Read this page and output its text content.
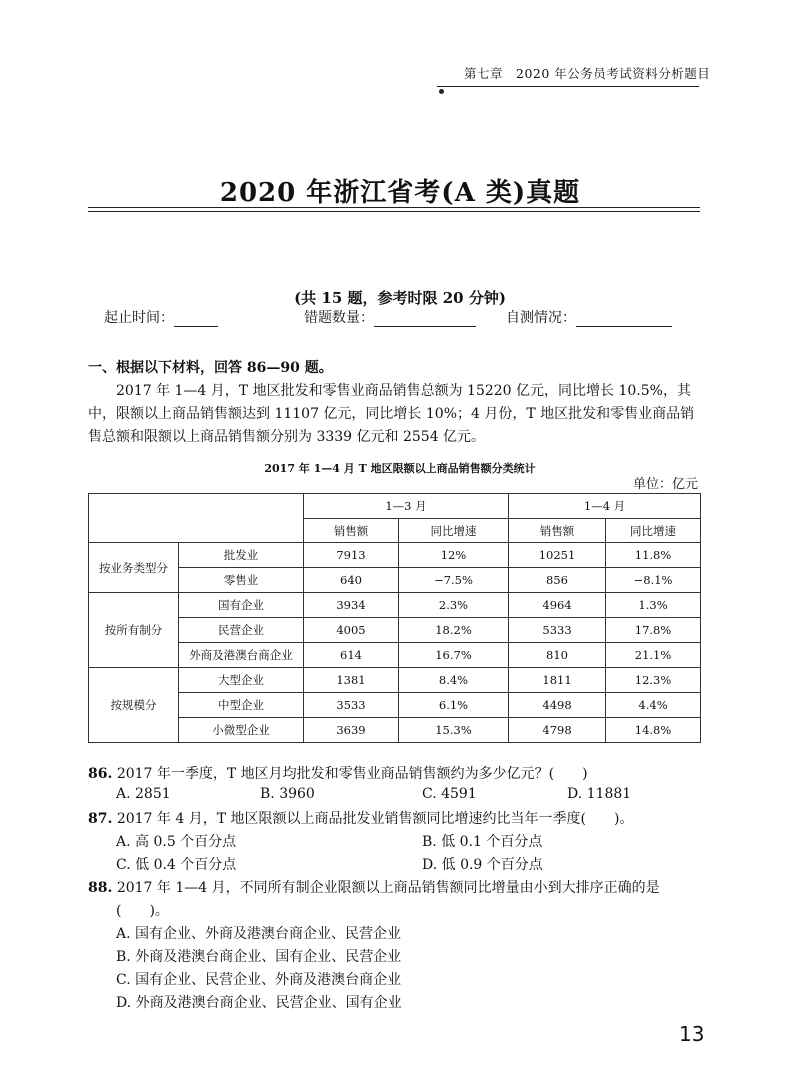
第七章　2020 年公务员考试资料分析题目
2020 年浙江省考(A 类)真题
(共 15 题，参考时限 20 分钟)
起止时间：	错题数量：	自测情况：
一、根据以下材料，回答 86—90 题。
2017 年 1—4 月，T 地区批发和零售业商品销售总额为 15220 亿元，同比增长 10.5%，其中，限额以上商品销售额达到 11107 亿元，同比增长 10%；4 月份，T 地区批发和零售业商品销售总额和限额以上商品销售额分别为 3339 亿元和 2554 亿元。
2017 年 1—4 月 T 地区限额以上商品销售额分类统计
单位：亿元
		1—3 月		1—4 月	
		销售额	同比增速	销售额	同比增速
按业务类型分	批发业	7913	12%	10251	11.8%
	零售业	640	−7.5%	856	−8.1%
按所有制分	国有企业	3934	2.3%	4964	1.3%
	民营企业	4005	18.2%	5333	17.8%
	外商及港澳台商企业	614	16.7%	810	21.1%
按规模分	大型企业	1381	8.4%	1811	12.3%
	中型企业	3533	6.1%	4498	4.4%
	小微型企业	3639	15.3%	4798	14.8%
86. 2017 年一季度，T 地区月均批发和零售业商品销售额约为多少亿元？(　　)
A. 2851	B. 3960	C. 4591	D. 11881
87. 2017 年 4 月，T 地区限额以上商品批发业销售额同比增速约比当年一季度(　　)。
A. 高 0.5 个百分点	B. 低 0.1 个百分点
C. 低 0.4 个百分点	D. 低 0.9 个百分点
88. 2017 年 1—4 月，不同所有制企业限额以上商品销售额同比增量由小到大排序正确的是
(　　)。
A. 国有企业、外商及港澳台商企业、民营企业
B. 外商及港澳台商企业、国有企业、民营企业
C. 国有企业、民营企业、外商及港澳台商企业
D. 外商及港澳台商企业、民营企业、国有企业
13
